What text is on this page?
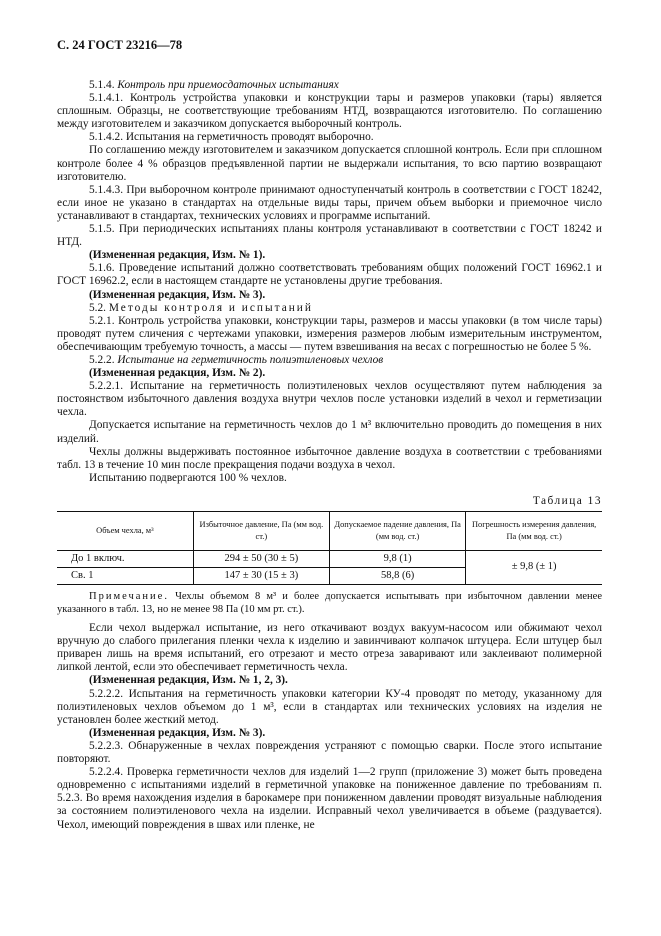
С. 24 ГОСТ 23216—78

5.1.4. Контроль при приемосдаточных испытаниях

5.1.4.1. Контроль устройства упаковки и конструкции тары и размеров упаковки (тары) является сплошным. Образцы, не соответствующие требованиям НТД, возвращаются изготовителю. По соглашению между изготовителем и заказчиком допускается выборочный контроль.

5.1.4.2. Испытания на герметичность проводят выборочно.

По соглашению между изготовителем и заказчиком допускается сплошной контроль. Если при сплошном контроле более 4 % образцов предъявленной партии не выдержали испытания, то всю партию возвращают изготовителю.

5.1.4.3. При выборочном контроле принимают одноступенчатый контроль в соответствии с ГОСТ 18242, если иное не указано в стандартах на отдельные виды тары, причем объем выборки и приемочное число устанавливают в стандартах, технических условиях и программе испытаний.

5.1.5. При периодических испытаниях планы контроля устанавливают в соответствии с ГОСТ 18242 и НТД.

(Измененная редакция, Изм. № 1).

5.1.6. Проведение испытаний должно соответствовать требованиям общих положений ГОСТ 16962.1 и ГОСТ 16962.2, если в настоящем стандарте не установлены другие требования.

(Измененная редакция, Изм. № 3).

5.2. Методы контроля и испытаний

5.2.1. Контроль устройства упаковки, конструкции тары, размеров и массы упаковки (в том числе тары) проводят путем сличения с чертежами упаковки, измерения размеров любым измерительным инструментом, обеспечивающим требуемую точность, а массы — путем взвешивания на весах с погрешностью не более 5 %.

5.2.2. Испытание на герметичность полиэтиленовых чехлов

(Измененная редакция, Изм. № 2).

5.2.2.1. Испытание на герметичность полиэтиленовых чехлов осуществляют путем наблюдения за постоянством избыточного давления воздуха внутри чехлов после установки изделий в чехол и герметизации чехла.

Допускается испытание на герметичность чехлов до 1 м³ включительно проводить до помещения в них изделий.

Чехлы должны выдерживать постоянное избыточное давление воздуха в соответствии с требованиями табл. 13 в течение 10 мин после прекращения подачи воздуха в чехол.

Испытанию подвергаются 100 % чехлов.

Таблица 13
Объем чехла, м³	Избыточное давление, Па (мм вод. ст.)	Допускаемое падение давления, Па (мм вод. ст.)	Погрешность измерения давления, Па (мм вод. ст.)
До 1 включ.	294 ± 50 (30 ± 5)	9,8 (1)	± 9,8 (± 1)
Св. 1	147 ± 30 (15 ± 3)	58,8 (6)	

Примечание. Чехлы объемом 8 м³ и более допускается испытывать при избыточном давлении менее указанного в табл. 13, но не менее 98 Па (10 мм рт. ст.).

Если чехол выдержал испытание, из него откачивают воздух вакуум-насосом или обжимают чехол вручную до слабого прилегания пленки чехла к изделию и завинчивают колпачок штуцера. Если штуцер был приварен лишь на время испытаний, его отрезают и место отреза заваривают или заклеивают полимерной липкой лентой, если это обеспечивает герметичность чехла.

(Измененная редакция, Изм. № 1, 2, 3).

5.2.2.2. Испытания на герметичность упаковки категории КУ-4 проводят по методу, указанному для полиэтиленовых чехлов объемом до 1 м³, если в стандартах или технических условиях на изделия не установлен более жесткий метод.

(Измененная редакция, Изм. № 3).

5.2.2.3. Обнаруженные в чехлах повреждения устраняют с помощью сварки. После этого испытание повторяют.

5.2.2.4. Проверка герметичности чехлов для изделий 1—2 групп (приложение 3) может быть проведена одновременно с испытаниями изделий в герметичной упаковке на пониженное давление по требованиям п. 5.2.3. Во время нахождения изделия в барокамере при пониженном давлении проводят визуальные наблюдения за состоянием полиэтиленового чехла на изделии. Исправный чехол увеличивается в объеме (раздувается). Чехол, имеющий повреждения в швах или пленке, не
